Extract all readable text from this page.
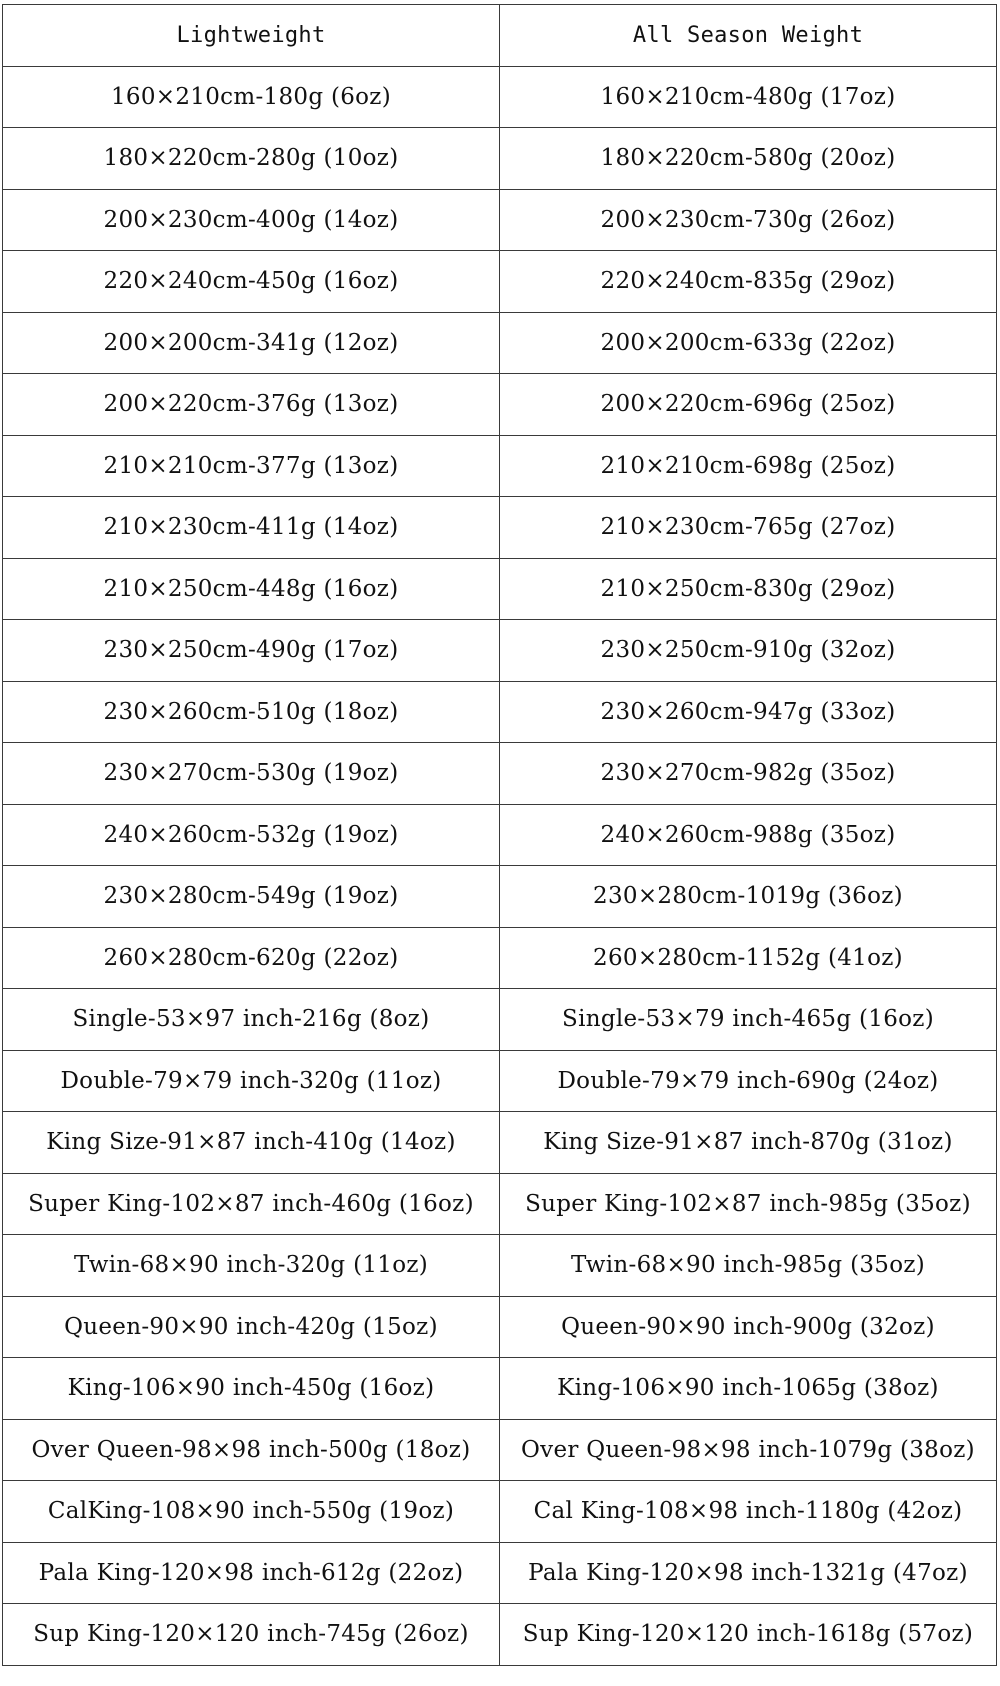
Lightweight	All Season Weight
160×210cm-180g (6oz)	160×210cm-480g (17oz)
180×220cm-280g (10oz)	180×220cm-580g (20oz)
200×230cm-400g (14oz)	200×230cm-730g (26oz)
220×240cm-450g (16oz)	220×240cm-835g (29oz)
200×200cm-341g (12oz)	200×200cm-633g (22oz)
200×220cm-376g (13oz)	200×220cm-696g (25oz)
210×210cm-377g (13oz)	210×210cm-698g (25oz)
210×230cm-411g (14oz)	210×230cm-765g (27oz)
210×250cm-448g (16oz)	210×250cm-830g (29oz)
230×250cm-490g (17oz)	230×250cm-910g (32oz)
230×260cm-510g (18oz)	230×260cm-947g (33oz)
230×270cm-530g (19oz)	230×270cm-982g (35oz)
240×260cm-532g (19oz)	240×260cm-988g (35oz)
230×280cm-549g (19oz)	230×280cm-1019g (36oz)
260×280cm-620g (22oz)	260×280cm-1152g (41oz)
Single-53×97 inch-216g (8oz)	Single-53×79 inch-465g (16oz)
Double-79×79 inch-320g (11oz)	Double-79×79 inch-690g (24oz)
King Size-91×87 inch-410g (14oz)	King Size-91×87 inch-870g (31oz)
Super King-102×87 inch-460g (16oz)	Super King-102×87 inch-985g (35oz)
Twin-68×90 inch-320g (11oz)	Twin-68×90 inch-985g (35oz)
Queen-90×90 inch-420g (15oz)	Queen-90×90 inch-900g (32oz)
King-106×90 inch-450g (16oz)	King-106×90 inch-1065g (38oz)
Over Queen-98×98 inch-500g (18oz)	Over Queen-98×98 inch-1079g (38oz)
CalKing-108×90 inch-550g (19oz)	Cal King-108×98 inch-1180g (42oz)
Pala King-120×98 inch-612g (22oz)	Pala King-120×98 inch-1321g (47oz)
Sup King-120×120 inch-745g (26oz)	Sup King-120×120 inch-1618g (57oz)
